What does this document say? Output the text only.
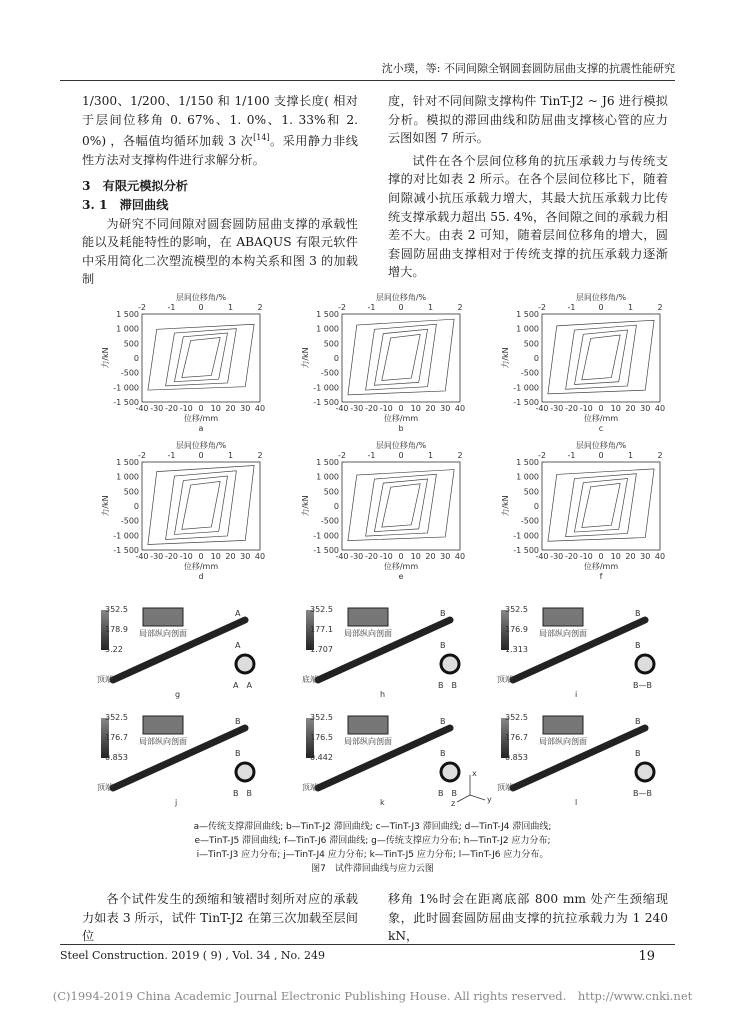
沈小璞，等: 不同间隙全钢圆套圆防屈曲支撑的抗震性能研究

1/300、1/200、1/150 和 1/100 支撑长度( 相对于层间位移角 0. 67%、1. 0%、1. 33%和 2. 0%) ，各幅值均循环加载 3 次[14]。采用静力非线性方法对支撑构件进行求解分析。

3　有限元模拟分析

3. 1　滞回曲线

为研究不同间隙对圆套圆防屈曲支撑的承载性能以及耗能特性的影响，在 ABAQUS 有限元软件中采用简化二次塑流模型的本构关系和图 3 的加载制

度，针对不同间隙支撑构件 TinT-J2 ~ J6 进行模拟分析。模拟的滞回曲线和防屈曲支撑核心管的应力云图如图 7 所示。

试件在各个层间位移角的抗压承载力与传统支撑的对比如表 2 所示。在各个层间位移比下，随着间隙减小抗压承载力增大，其最大抗压承载力比传统支撑承载力超出 55. 4%，各间隙之间的承载力相差不大。由表 2 可知，随着层间位移角的增大，圆套圆防屈曲支撑相对于传统支撑的抗压承载力逐渐增大。

层间位移角/%
-2	-1	0	1	2
-40 -30 -20 -10 0 10 20 30 40
1 500
1 000
500
0
-500
-1 000
-1 500
位移/mm
力/kN
a
层间位移角/%
-2	-1	0	1	2
-40 -30 -20 -10 0 10 20 30 40
1 500
1 000
500
0
-500
-1 000
-1 500
位移/mm
力/kN
b
层间位移角/%
-2	-1	0	1	2
-40 -30 -20 -10 0 10 20 30 40
1 500
1 000
500
0
-500
-1 000
-1 500
位移/mm
力/kN
c
层间位移角/%
-2	-1	0	1	2
-40 -30 -20 -10 0 10 20 30 40
1 500
1 000
500
0
-500
-1 000
-1 500
位移/mm
力/kN
d
层间位移角/%
-2	-1	0	1	2
-40 -30 -20 -10 0 10 20 30 40
1 500
1 000
500
0
-500
-1 000
-1 500
位移/mm
力/kN
e
层间位移角/%
-2	-1	0	1	2
-40 -30 -20 -10 0 10 20 30 40
1 500
1 000
500
0
-500
-1 000
-1 500
位移/mm
力/kN
f
352.5
178.9
5.22
局部纵向剖面
A
A
A　A
顶端
g
352.5
177.1
1.707
局部纵向剖面
B
B
B　B
底端
h
352.5
176.9
1.313
局部纵向剖面
B
B
B—B
顶端
i
352.5
176.7
0.853
局部纵向剖面
B
B
B　B
顶端
j
352.5
176.5
0.442
局部纵向剖面
B
B
B　B
顶端
k
352.5
176.7
0.853
局部纵向剖面
B
B
B—B
顶端
l
x
y
z
a—传统支撑滞回曲线; b—TinT-J2 滞回曲线; c—TinT-J3 滞回曲线; d—TinT-J4 滞回曲线;
e—TinT-J5 滞回曲线; f—TinT-J6 滞回曲线; g—传统支撑应力分布; h—TinT-J2 应力分布;
i—TinT-J3 应力分布; j—TinT-J4 应力分布; k—TinT-J5 应力分布; l—TinT-J6 应力分布。
图7　试件滞回曲线与应力云图

各个试件发生的颈缩和皱褶时刻所对应的承载力如表 3 所示，试件 TinT-J2 在第三次加载至层间位

移角 1%时会在距离底部 800 mm 处产生颈缩现象，此时圆套圆防屈曲支撑的抗拉承载力为 1 240 kN，

Steel Construction. 2019 ( 9) , Vol. 34 , No. 249	19
(C)1994-2019 China Academic Journal Electronic Publishing House. All rights reserved.　http://www.cnki.net
